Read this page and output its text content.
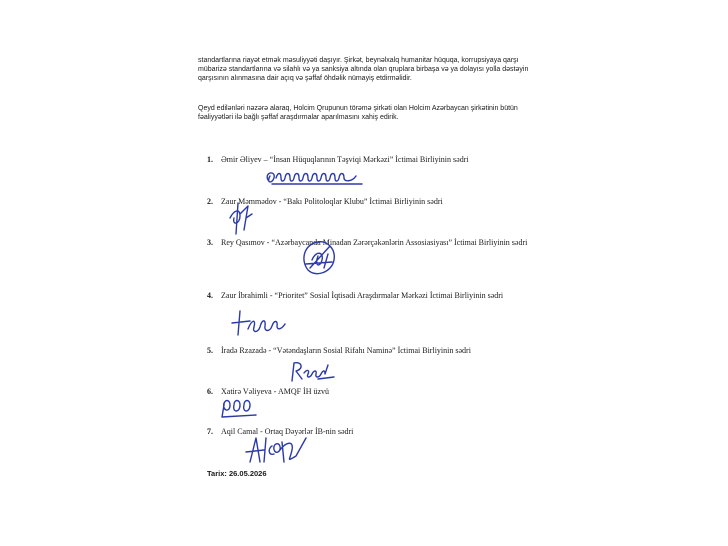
standartlarına riayət etmək məsuliyyəti daşıyır. Şirkət, beynəlxalq humanitar hüquqa, korrupsiyaya qarşı mübarizə standartlarına və silahlı və ya sanksiya altında olan qruplara birbaşa və ya dolayısı yolla dəstəyin qarşısının alınmasına dair açıq və şəffaf öhdəlik nümayiş etdirməlidir.

Qeyd edilənləri nəzərə alaraq, Holcim Qrupunun törəmə şirkəti olan Holcim Azərbaycan şirkətinin bütün fəaliyyətləri ilə bağlı şəffaf araşdırmalar aparılmasını xahiş edirik.

1. Əmir Əliyev – “İnsan Hüquqlarının Təşviqi Mərkəzi” İctimai Birliyinin sədri
2. Zaur Məmmədov - “Bakı Politoloqlar Klubu” İctimai Birliyinin sədri
3. Rey Qasımov - “Azərbaycanda Minadan Zərərçəkənlərin Assosiasiyası” İctimai Birliyinin sədri
4. Zaur İbrahimli - “Prioritet” Sosial İqtisadi Araşdırmalar Mərkəzi İctimai Birliyinin sədri
5. İradə Rzazadə - “Vətəndaşların Sosial Rifahı Naminə” İctimai Birliyinin sədri
6. Xatirə Vəliyeva - AMQF İH üzvü
7. Aqil Camal - Ortaq Dəyərlər İB-nin sədri
Tarix: 26.05.2026
